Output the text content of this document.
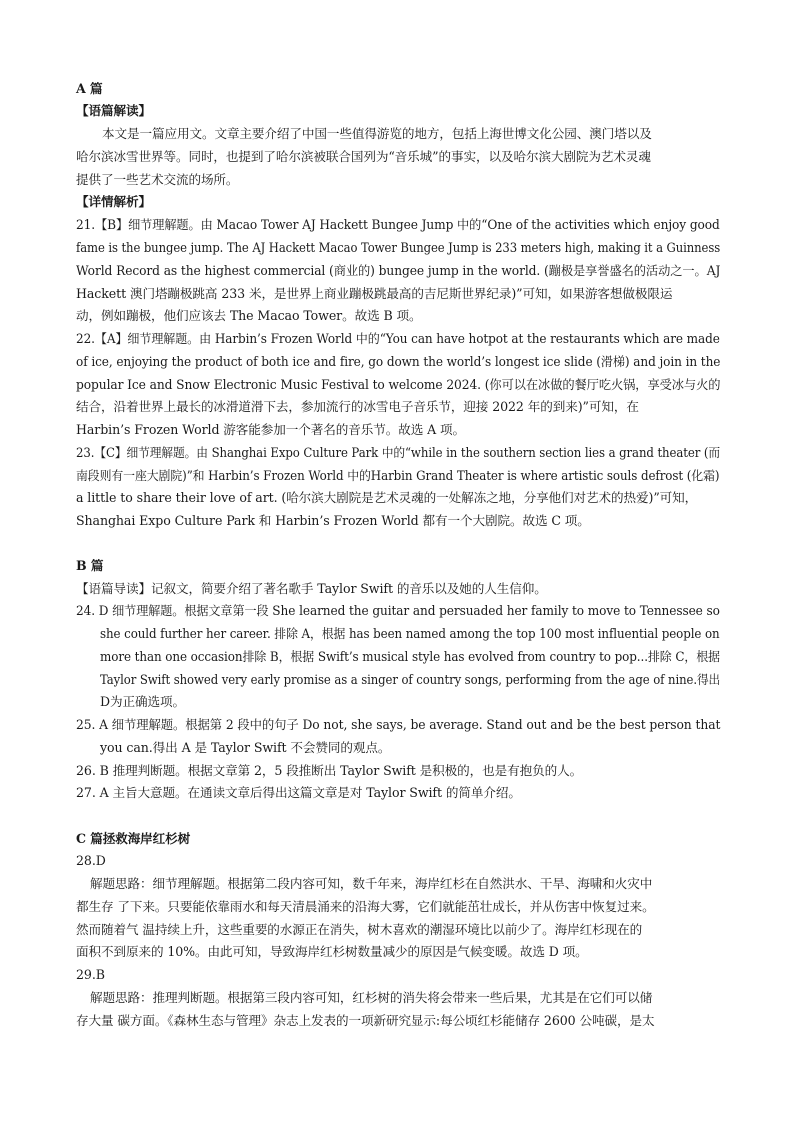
A 篇
【语篇解读】
本文是一篇应用文。文章主要介绍了中国一些值得游览的地方，包括上海世博文化公园、澳门塔以及
哈尔滨冰雪世界等。同时，也提到了哈尔滨被联合国列为“音乐城”的事实，以及哈尔滨大剧院为艺术灵魂
提供了一些艺术交流的场所。
【详情解析】
21.【B】细节理解题。由 Macao Tower AJ Hackett Bungee Jump 中的“One of the activities which enjoy good
fame is the bungee jump. The AJ Hackett Macao Tower Bungee Jump is 233 meters high, making it a Guinness
World Record as the highest commercial (商业的) bungee jump in the world. (蹦极是享誉盛名的活动之一。AJ
Hackett 澳门塔蹦极跳高 233 米，是世界上商业蹦极跳最高的吉尼斯世界纪录)”可知，如果游客想做极限运
动，例如蹦极，他们应该去 The Macao Tower。故选 B 项。
22.【A】细节理解题。由 Harbin’s Frozen World 中的“You can have hotpot at the restaurants which are made
of ice, enjoying the product of both ice and fire, go down the world’s longest ice slide (滑梯) and join in the
popular Ice and Snow Electronic Music Festival to welcome 2024. (你可以在冰做的餐厅吃火锅，享受冰与火的
结合，沿着世界上最长的冰滑道滑下去，参加流行的冰雪电子音乐节，迎接 2022 年的到来)”可知，在
Harbin’s Frozen World 游客能参加一个著名的音乐节。故选 A 项。
23.【C】细节理解题。由 Shanghai Expo Culture Park 中的“while in the southern section lies a grand theater (而
南段则有一座大剧院)”和 Harbin’s Frozen World 中的Harbin Grand Theater is where artistic souls defrost (化霜)
a little to share their love of art. (哈尔滨大剧院是艺术灵魂的一处解冻之地，分享他们对艺术的热爱)”可知，
Shanghai Expo Culture Park 和 Harbin’s Frozen World 都有一个大剧院。故选 C 项。
B 篇
【语篇导读】记叙文，简要介绍了著名歌手 Taylor Swift 的音乐以及她的人生信仰。
24. D 细节理解题。根据文章第一段 She learned the guitar and persuaded her family to move to Tennessee so
she could further her career. 排除 A，根据 has been named among the top 100 most influential people on
more than one occasion排除 B，根据 Swift’s musical style has evolved from country to pop...排除 C，根据
Taylor Swift showed very early promise as a singer of country songs, performing from the age of nine.得出
D为正确选项。
25. A 细节理解题。根据第 2 段中的句子 Do not, she says, be average. Stand out and be the best person that
you can.得出 A 是 Taylor Swift 不会赞同的观点。
26. B 推理判断题。根据文章第 2，5 段推断出 Taylor Swift 是积极的，也是有抱负的人。
27. A 主旨大意题。在通读文章后得出这篇文章是对 Taylor Swift 的简单介绍。
C 篇拯救海岸红杉树
28.D
解题思路：细节理解题。根据第二段内容可知，数千年来，海岸红杉在自然洪水、干旱、海啸和火灾中
都生存 了下来。只要能依靠雨水和每天清晨涌来的沿海大雾，它们就能茁壮成长，并从伤害中恢复过来。
然而随着气 温持续上升，这些重要的水源正在消失，树木喜欢的潮湿环境比以前少了。海岸红杉现在的
面积不到原来的 10%。由此可知，导致海岸红杉树数量减少的原因是气候变暖。故选 D 项。
29.B
解题思路：推理判断题。根据第三段内容可知，红杉树的消失将会带来一些后果，尤其是在它们可以储
存大量 碳方面。《森林生态与管理》杂志上发表的一项新研究显示:每公顷红杉能储存 2600 公吨碳，是太
